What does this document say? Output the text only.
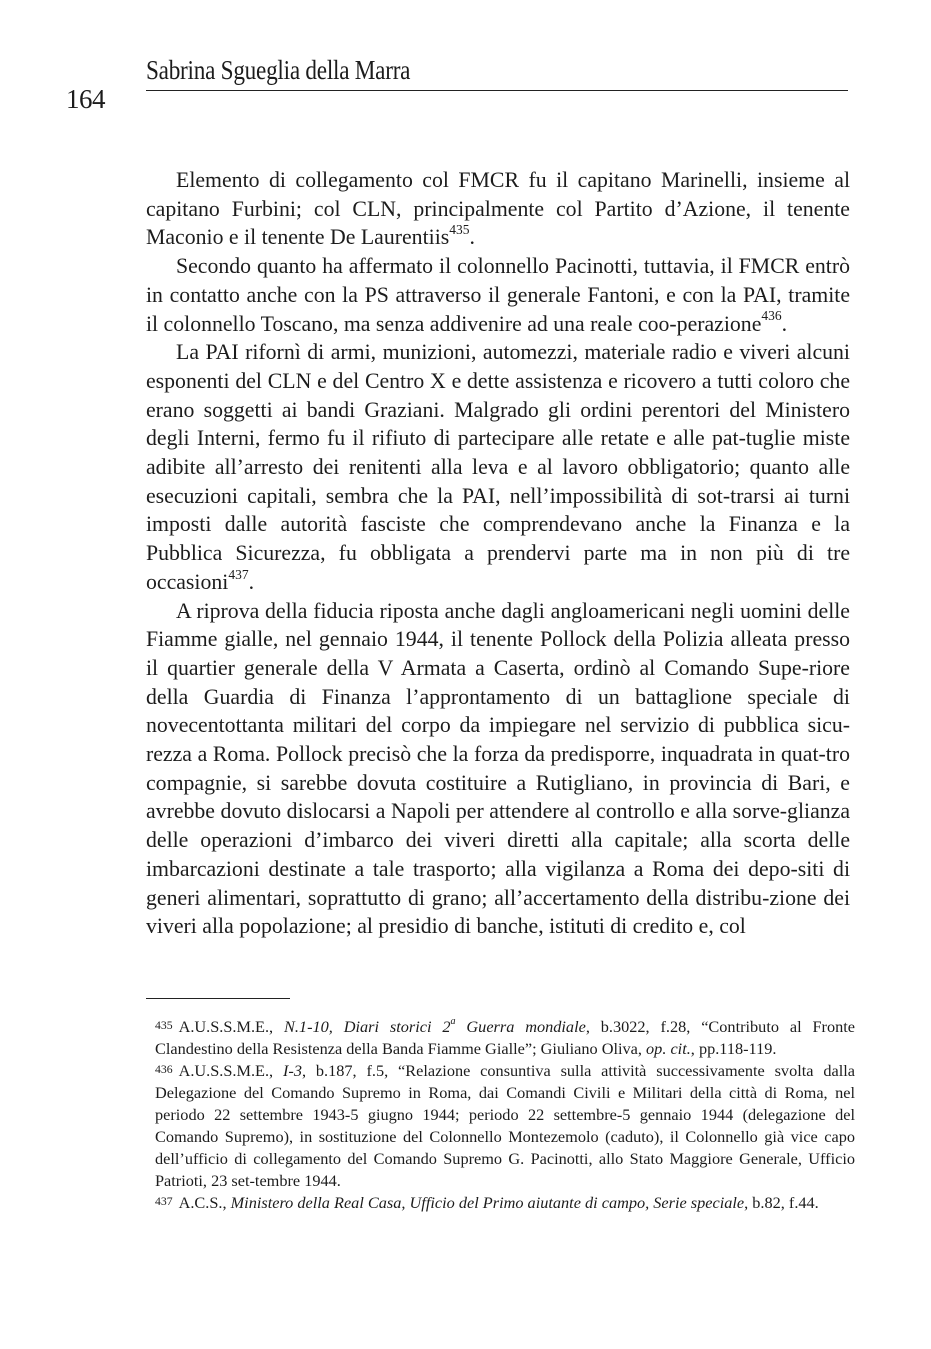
Sabrina Sgueglia della Marra
164

Elemento di collegamento col FMCR fu il capitano Marinelli, insieme al capitano Furbini; col CLN, principalmente col Partito d’Azione, il tenente Maconio e il tenente De Laurentiis$^{435}$.

Secondo quanto ha affermato il colonnello Pacinotti, tuttavia, il FMCR entrò in contatto anche con la PS attraverso il generale Fantoni, e con la PAI, tramite il colonnello Toscano, ma senza addivenire ad una reale coo-perazione$^{436}$.

La PAI rifornì di armi, munizioni, automezzi, materiale radio e viveri alcuni esponenti del CLN e del Centro X e dette assistenza e ricovero a tutti coloro che erano soggetti ai bandi Graziani. Malgrado gli ordini perentori del Ministero degli Interni, fermo fu il rifiuto di partecipare alle retate e alle pat-tuglie miste adibite all’arresto dei renitenti alla leva e al lavoro obbligatorio; quanto alle esecuzioni capitali, sembra che la PAI, nell’impossibilità di sot-trarsi ai turni imposti dalle autorità fasciste che comprendevano anche la Finanza e la Pubblica Sicurezza, fu obbligata a prendervi parte ma in non più di tre occasioni$^{437}$.

A riprova della fiducia riposta anche dagli angloamericani negli uomini delle Fiamme gialle, nel gennaio 1944, il tenente Pollock della Polizia alleata presso il quartier generale della V Armata a Caserta, ordinò al Comando Supe-riore della Guardia di Finanza l’approntamento di un battaglione speciale di novecentottanta militari del corpo da impiegare nel servizio di pubblica sicu-rezza a Roma. Pollock precisò che la forza da predisporre, inquadrata in quat-tro compagnie, si sarebbe dovuta costituire a Rutigliano, in provincia di Bari, e avrebbe dovuto dislocarsi a Napoli per attendere al controllo e alla sorve-glianza delle operazioni d’imbarco dei viveri diretti alla capitale; alla scorta delle imbarcazioni destinate a tale trasporto; alla vigilanza a Roma dei depo-siti di generi alimentari, soprattutto di grano; all’accertamento della distribu-zione dei viveri alla popolazione; al presidio di banche, istituti di credito e, col

$^{435}$ A.U.S.S.M.E., N.1-10, Diari storici 2$^a$ Guerra mondiale, b.3022, f.28, “Contributo al Fronte Clandestino della Resistenza della Banda Fiamme Gialle”; Giuliano Oliva, op. cit., pp.118-119.

$^{436}$ A.U.S.S.M.E., I-3, b.187, f.5, “Relazione consuntiva sulla attività successivamente svolta dalla Delegazione del Comando Supremo in Roma, dai Comandi Civili e Militari della città di Roma, nel periodo 22 settembre 1943-5 giugno 1944; periodo 22 settembre-5 gennaio 1944 (delegazione del Comando Supremo), in sostituzione del Colonnello Montezemolo (caduto), il Colonnello già vice capo dell’ufficio di collegamento del Comando Supremo G. Pacinotti, allo Stato Maggiore Generale, Ufficio Patrioti, 23 set-tembre 1944.

$^{437}$ A.C.S., Ministero della Real Casa, Ufficio del Primo aiutante di campo, Serie speciale, b.82, f.44.
